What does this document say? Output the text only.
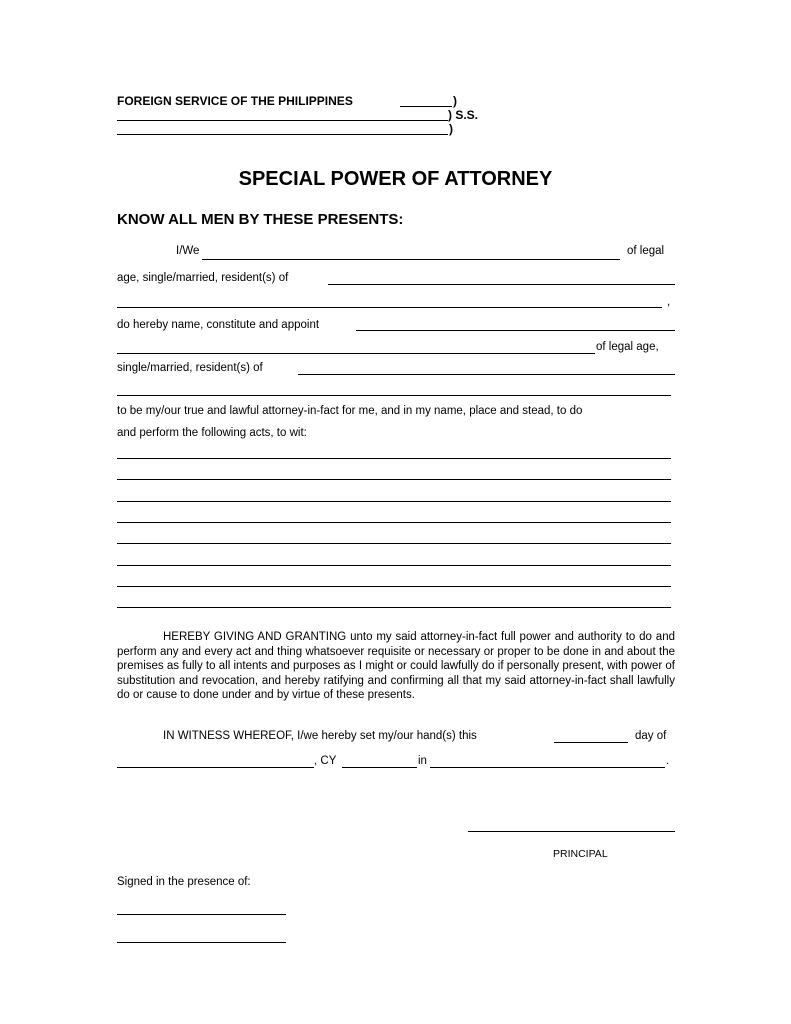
FOREIGN SERVICE OF THE PHILIPPINES	)
) S.S.
)
SPECIAL POWER OF ATTORNEY
KNOW ALL MEN BY THESE PRESENTS:
I/We	of legal
age, single/married, resident(s) of
,
do hereby name, constitute and appoint
of legal age,
single/married, resident(s) of
to be my/our true and lawful attorney-in-fact for me, and in my name, place and stead, to do
and perform the following acts, to wit:
HEREBY GIVING AND GRANTING unto my said attorney-in-fact full power and authority to do and perform any and every act and thing whatsoever requisite or necessary or proper to be done in and about the premises as fully to all intents and purposes as I might or could lawfully do if personally present, with power of substitution and revocation, and hereby ratifying and confirming all that my said attorney-in-fact shall lawfully do or cause to done under and by virtue of these presents.
IN WITNESS WHEREOF, I/we hereby set my/our hand(s) this	day of
, CY	in	.
PRINCIPAL
Signed in the presence of:
